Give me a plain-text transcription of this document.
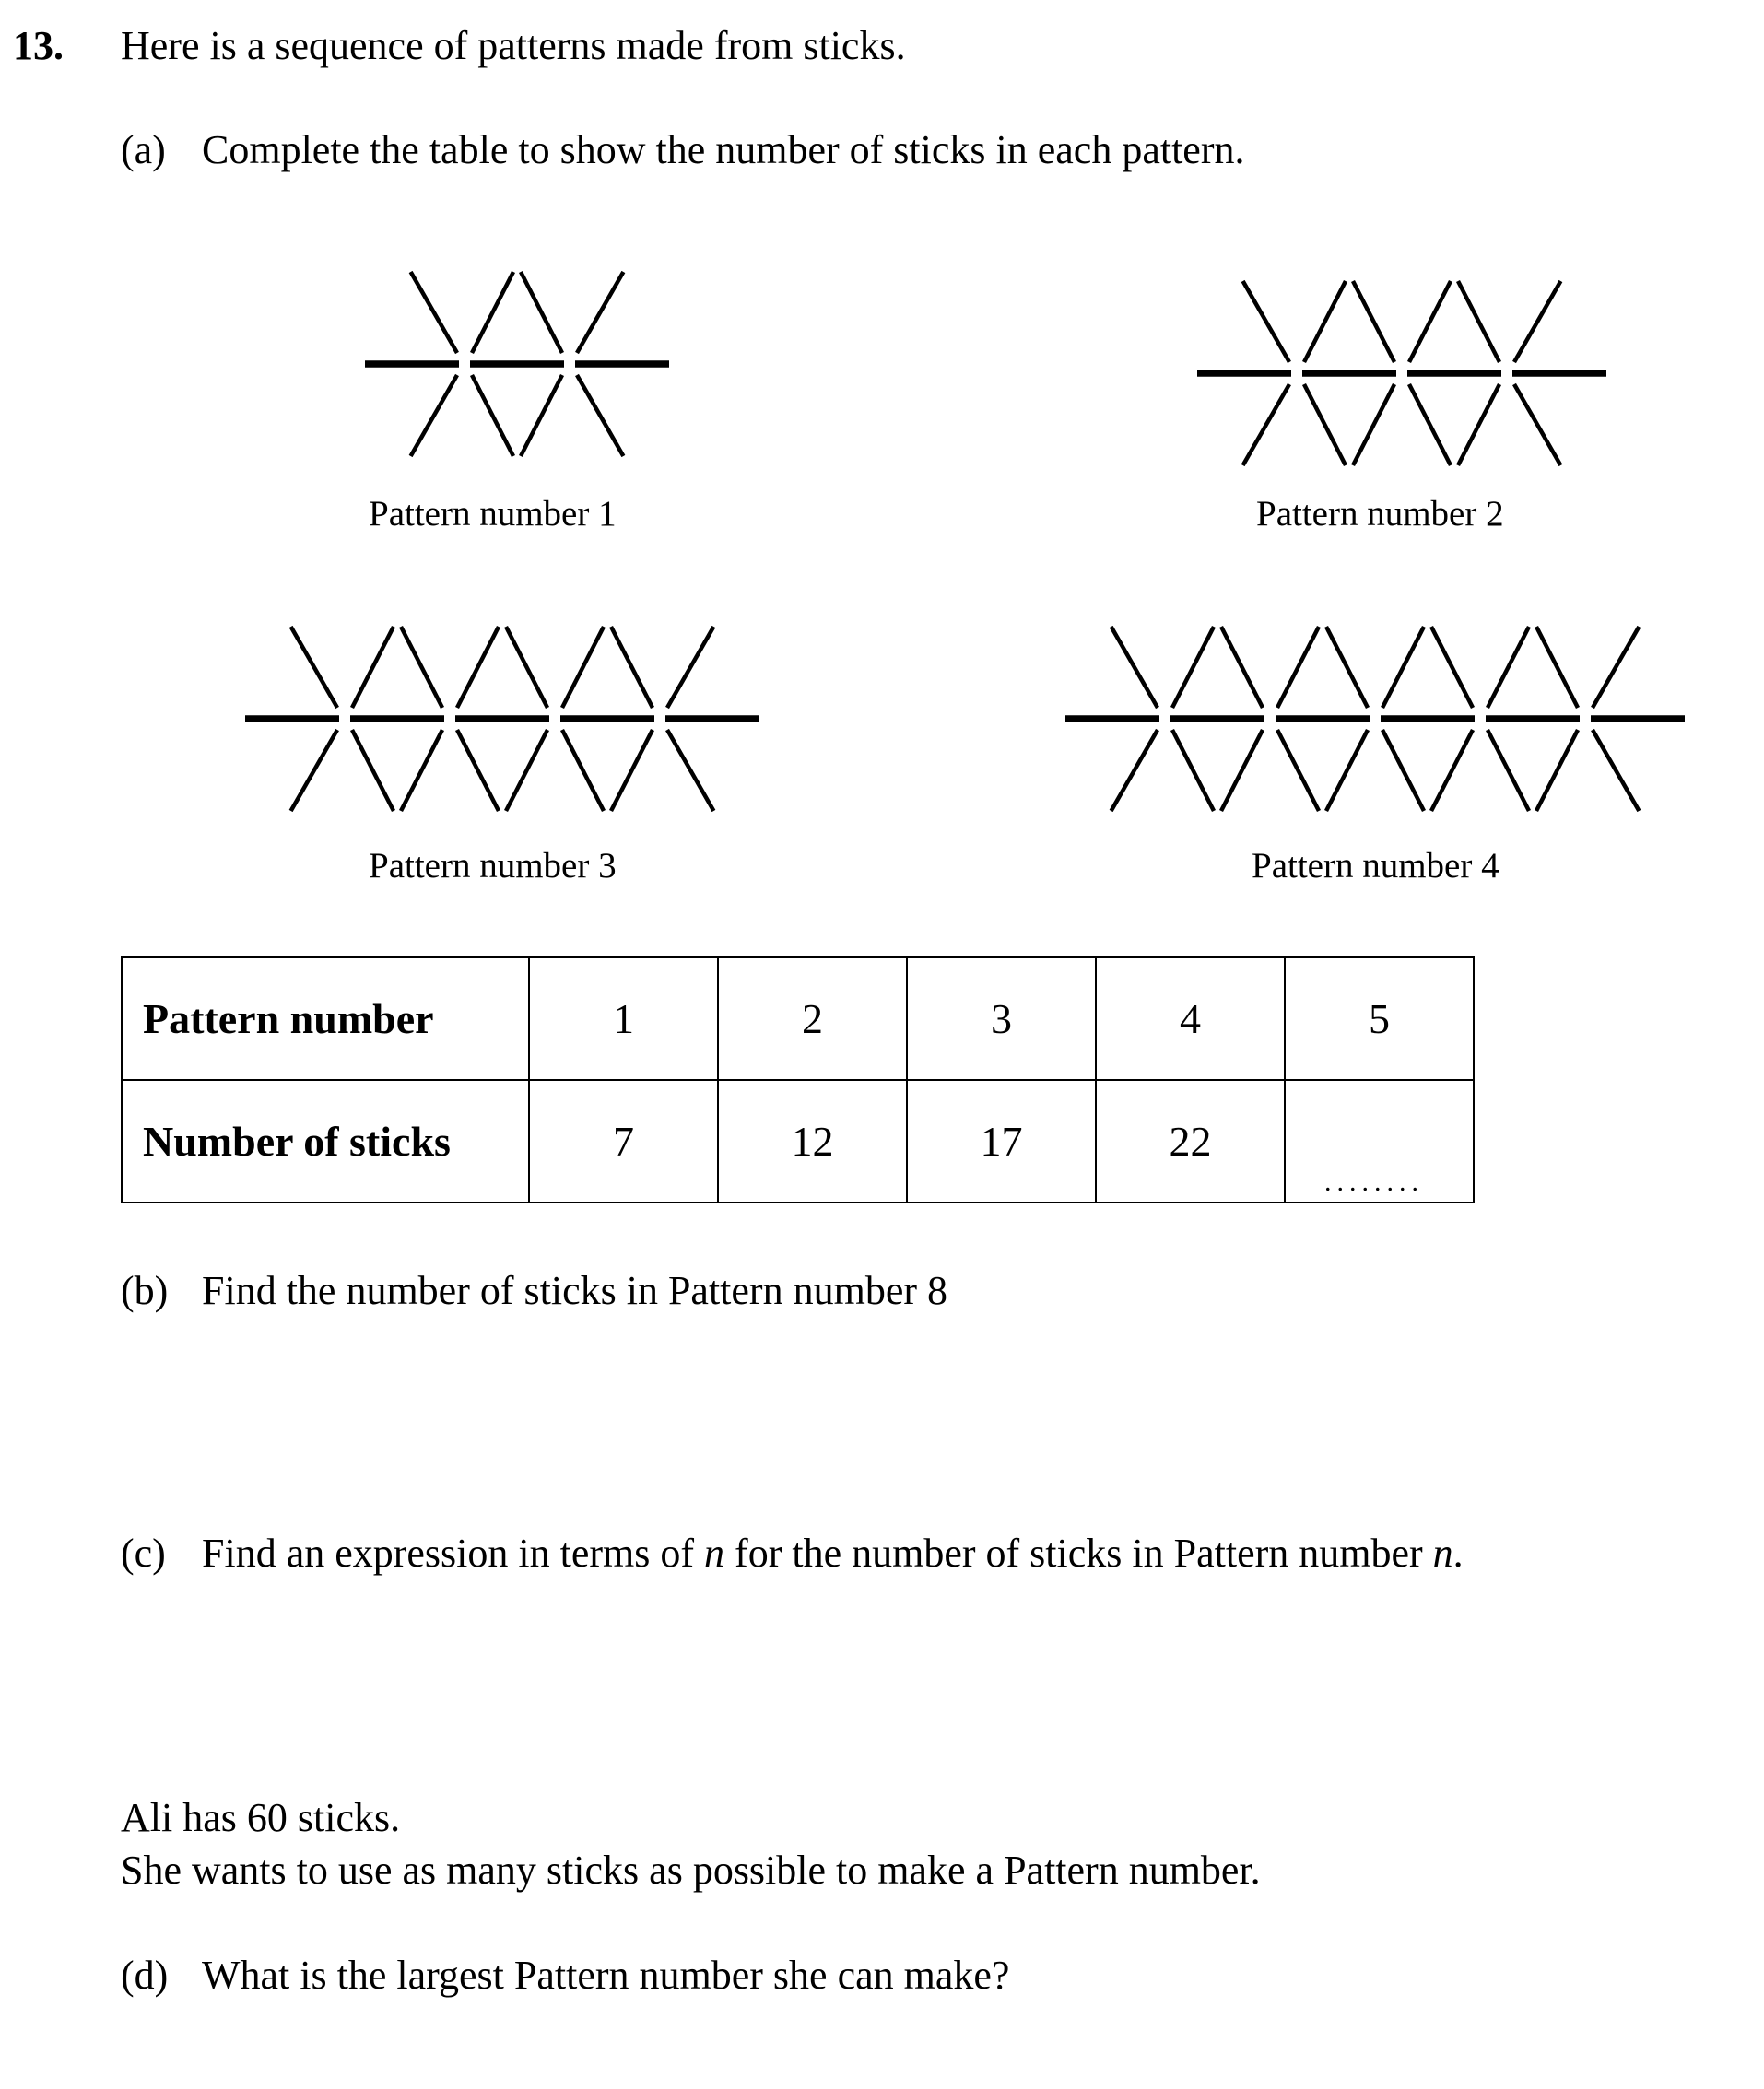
13. Here is a sequence of patterns made from sticks.
(a) Complete the table to show the number of sticks in each pattern.
Pattern number 1	Pattern number 2
Pattern number 3	Pattern number 4
Pattern number	1	2	3	4	5
Number of sticks	7	12	17	22	........
(b) Find the number of sticks in Pattern number 8
(c) Find an expression in terms of n for the number of sticks in Pattern number n.
Ali has 60 sticks.
She wants to use as many sticks as possible to make a Pattern number.
(d) What is the largest Pattern number she can make?
